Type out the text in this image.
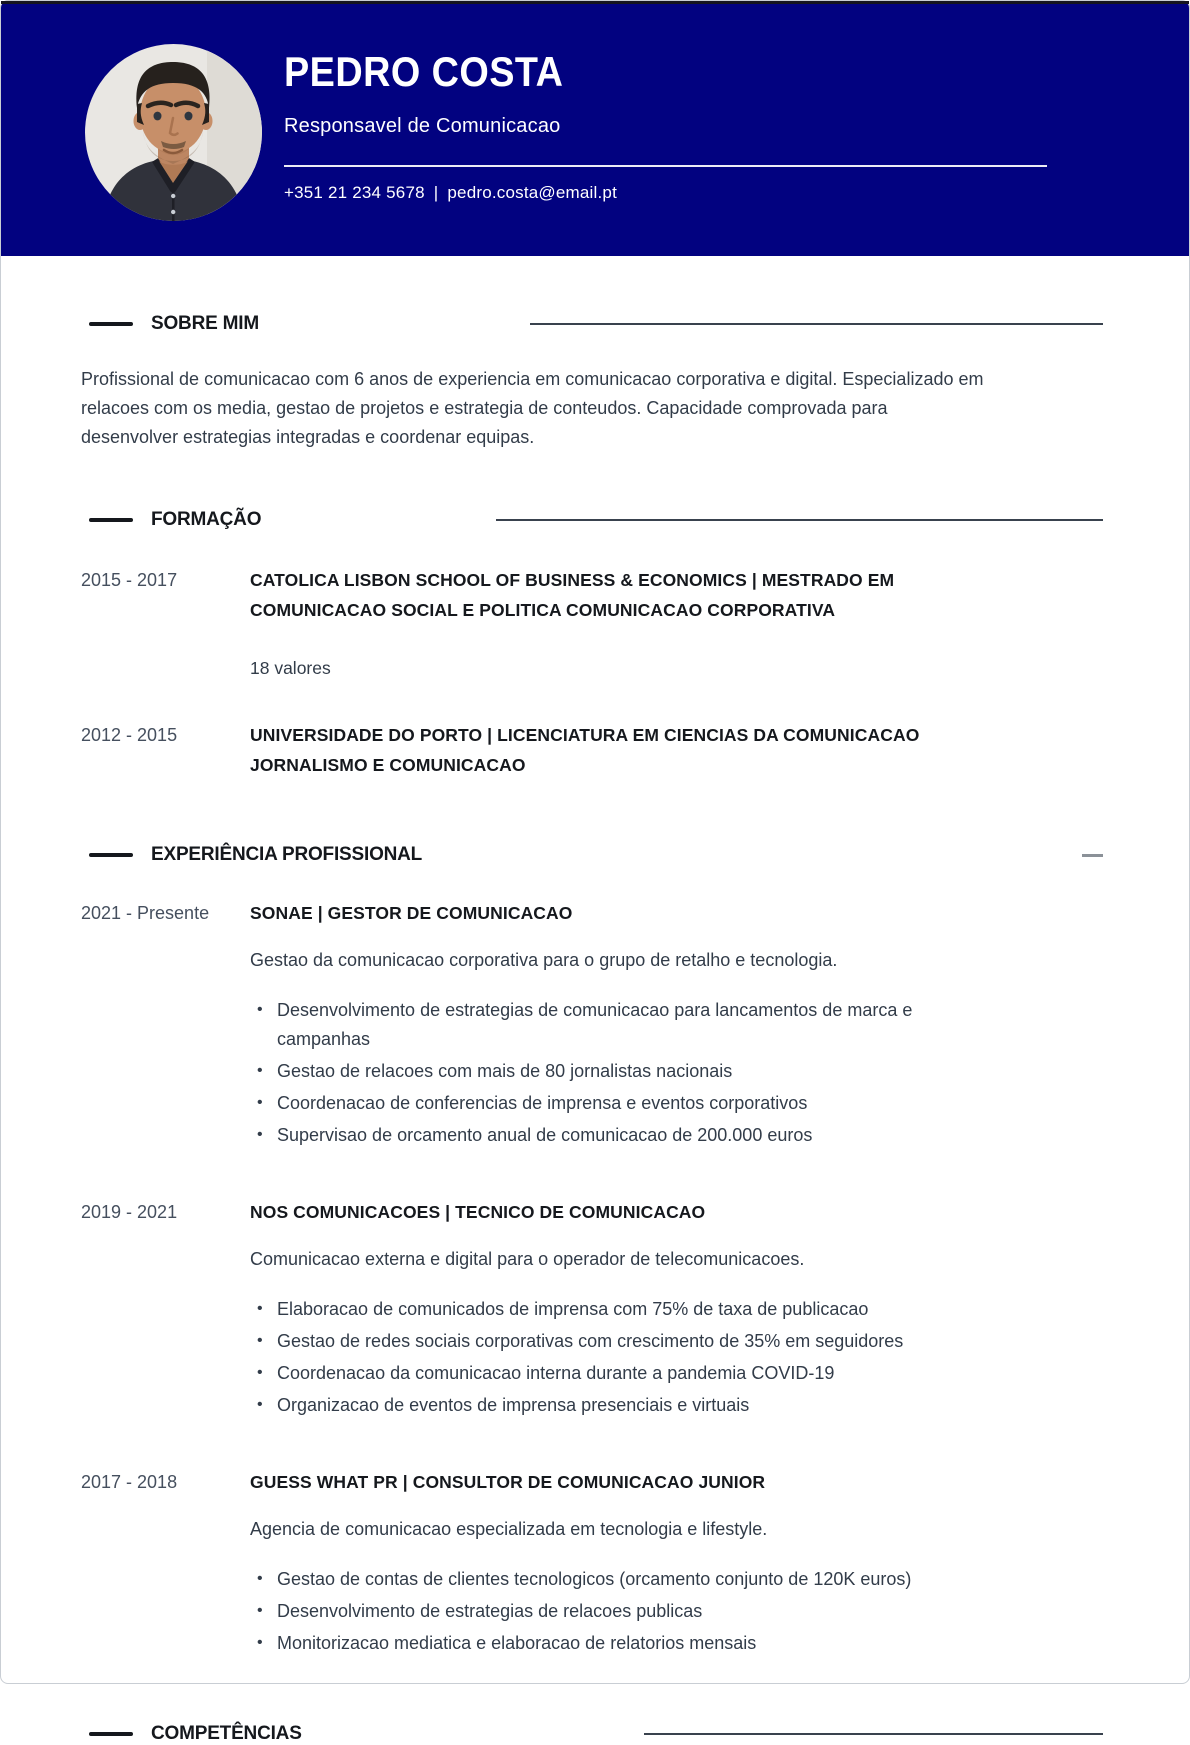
PEDRO COSTA
Responsavel de Comunicacao
+351 21 234 5678 | pedro.costa@email.pt
SOBRE MIM

Profissional de comunicacao com 6 anos de experiencia em comunicacao corporativa e digital. Especializado em relacoes com os media, gestao de projetos e estrategia de conteudos. Capacidade comprovada para desenvolver estrategias integradas e coordenar equipas.

FORMAÇÃO
2015 - 2017	CATOLICA LISBON SCHOOL OF BUSINESS & ECONOMICS | MESTRADO EM COMUNICACAO SOCIAL E POLITICA COMUNICACAO CORPORATIVA
18 valores
2012 - 2015	UNIVERSIDADE DO PORTO | LICENCIATURA EM CIENCIAS DA COMUNICACAO JORNALISMO E COMUNICACAO
EXPERIÊNCIA PROFISSIONAL
2021 - Presente	SONAE | GESTOR DE COMUNICACAO

Gestao da comunicacao corporativa para o grupo de retalho e tecnologia.

• Desenvolvimento de estrategias de comunicacao para lancamentos de marca e campanhas
• Gestao de relacoes com mais de 80 jornalistas nacionais
• Coordenacao de conferencias de imprensa e eventos corporativos
• Supervisao de orcamento anual de comunicacao de 200.000 euros
2019 - 2021	NOS COMUNICACOES | TECNICO DE COMUNICACAO

Comunicacao externa e digital para o operador de telecomunicacoes.

• Elaboracao de comunicados de imprensa com 75% de taxa de publicacao
• Gestao de redes sociais corporativas com crescimento de 35% em seguidores
• Coordenacao da comunicacao interna durante a pandemia COVID-19
• Organizacao de eventos de imprensa presenciais e virtuais
2017 - 2018	GUESS WHAT PR | CONSULTOR DE COMUNICACAO JUNIOR

Agencia de comunicacao especializada em tecnologia e lifestyle.

• Gestao de contas de clientes tecnologicos (orcamento conjunto de 120K euros)
• Desenvolvimento de estrategias de relacoes publicas
• Monitorizacao mediatica e elaboracao de relatorios mensais
COMPETÊNCIAS
